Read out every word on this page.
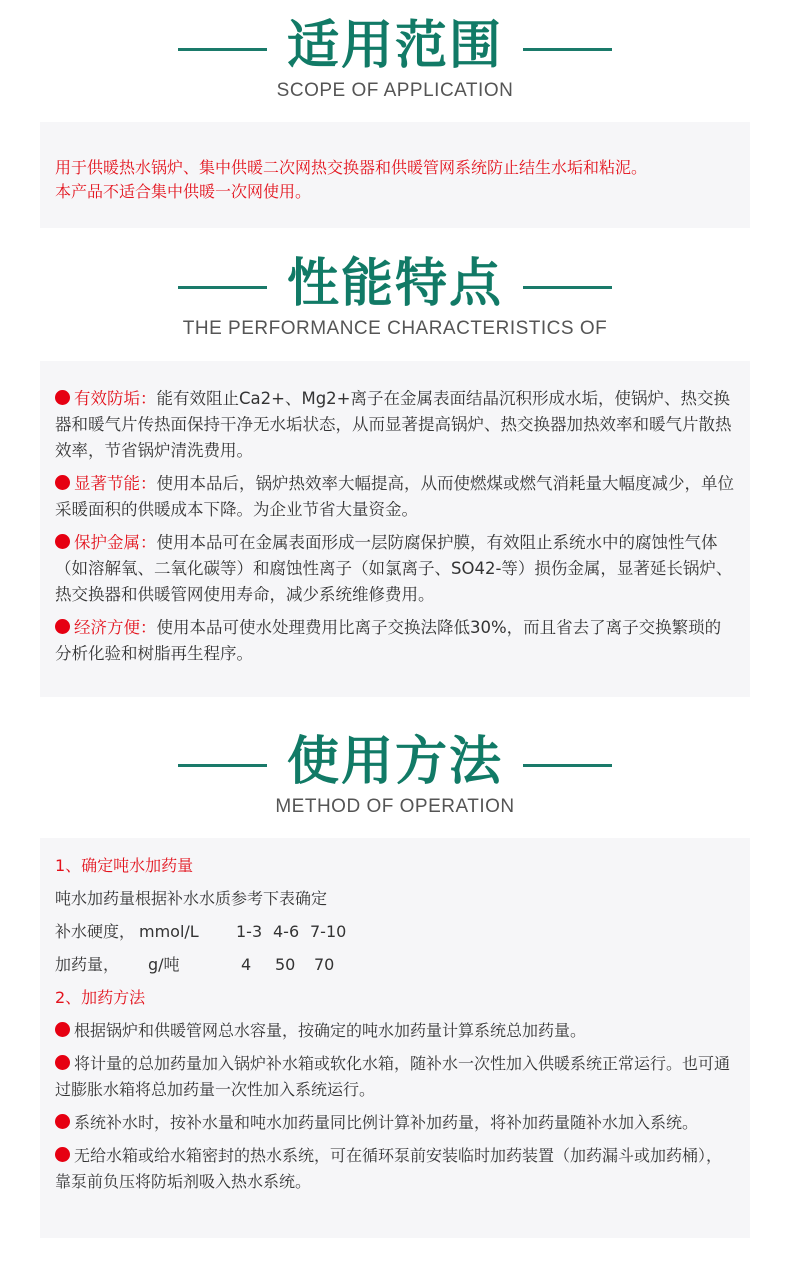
适用范围
SCOPE OF APPLICATION
用于供暖热水锅炉、集中供暖二次网热交换器和供暖管网系统防止结生水垢和粘泥。
本产品不适合集中供暖一次网使用。
性能特点
THE PERFORMANCE CHARACTERISTICS OF
有效防垢：能有效阻止Ca2+、Mg2+离子在金属表面结晶沉积形成水垢，使锅炉、热交换器和暖气片传热面保持干净无水垢状态，从而显著提高锅炉、热交换器加热效率和暖气片散热效率，节省锅炉清洗费用。
显著节能：使用本品后，锅炉热效率大幅提高，从而使燃煤或燃气消耗量大幅度减少，单位采暖面积的供暖成本下降。为企业节省大量资金。
保护金属：使用本品可在金属表面形成一层防腐保护膜，有效阻止系统水中的腐蚀性气体（如溶解氧、二氧化碳等）和腐蚀性离子（如氯离子、SO42-等）损伤金属，显著延长锅炉、热交换器和供暖管网使用寿命，减少系统维修费用。
经济方便：使用本品可使水处理费用比离子交换法降低30%，而且省去了离子交换繁琐的分析化验和树脂再生程序。
使用方法
METHOD OF OPERATION
1、确定吨水加药量
吨水加药量根据补水水质参考下表确定
补水硬度， mmol/L 1-3 4-6 7-10
加药量， g/吨	4 50 70
2、加药方法
根据锅炉和供暖管网总水容量，按确定的吨水加药量计算系统总加药量。
将计量的总加药量加入锅炉补水箱或软化水箱，随补水一次性加入供暖系统正常运行。也可通过膨胀水箱将总加药量一次性加入系统运行。
系统补水时，按补水量和吨水加药量同比例计算补加药量，将补加药量随补水加入系统。
无给水箱或给水箱密封的热水系统，可在循环泵前安装临时加药装置（加药漏斗或加药桶），靠泵前负压将防垢剂吸入热水系统。
